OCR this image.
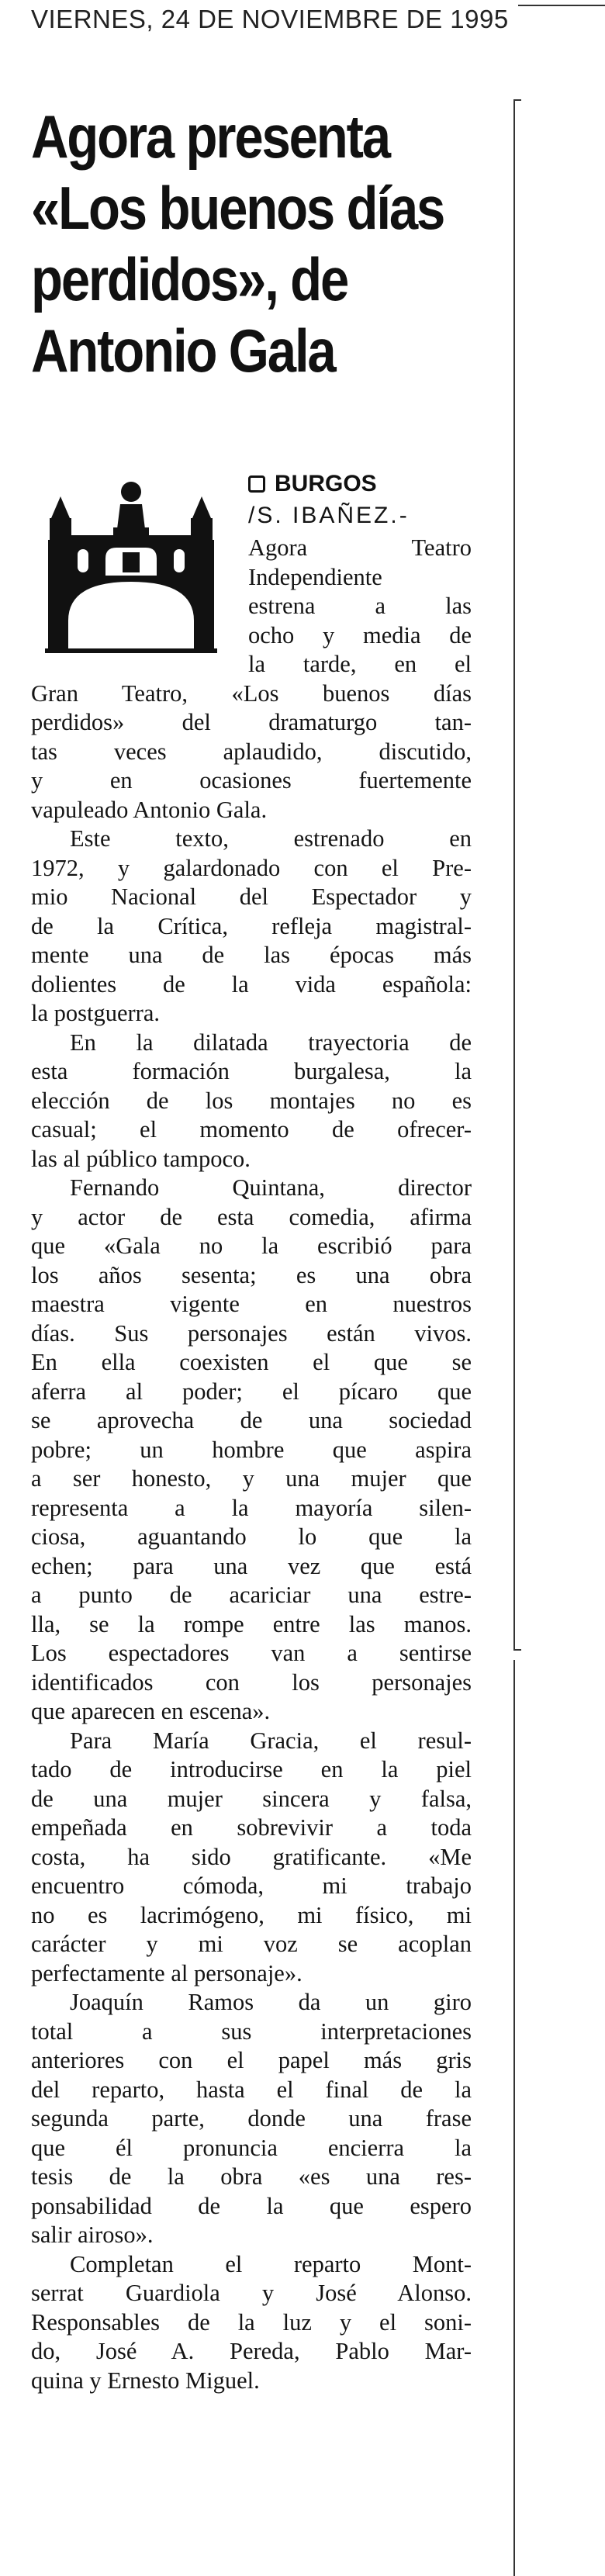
VIERNES, 24 DE NOVIEMBRE DE 1995
Agora presenta
«Los buenos días
perdidos», de
Antonio Gala
BURGOS
/S. IBAÑEZ.-
Agora Teatro
Independiente
estrena a las
ocho y media de
la tarde, en el
Gran Teatro, «Los buenos días
perdidos» del dramaturgo tan-
tas veces aplaudido, discutido,
y en ocasiones fuertemente
vapuleado Antonio Gala.
Este texto, estrenado en
1972, y galardonado con el Pre-
mio Nacional del Espectador y
de la Crítica, refleja magistral-
mente una de las épocas más
dolientes de la vida española:
la postguerra.
En la dilatada trayectoria de
esta formación burgalesa, la
elección de los montajes no es
casual; el momento de ofrecer-
las al público tampoco.
Fernando Quintana, director
y actor de esta comedia, afirma
que «Gala no la escribió para
los años sesenta; es una obra
maestra vigente en nuestros
días. Sus personajes están vivos.
En ella coexisten el que se
aferra al poder; el pícaro que
se aprovecha de una sociedad
pobre; un hombre que aspira
a ser honesto, y una mujer que
representa a la mayoría silen-
ciosa, aguantando lo que la
echen; para una vez que está
a punto de acariciar una estre-
lla, se la rompe entre las manos.
Los espectadores van a sentirse
identificados con los personajes
que aparecen en escena».
Para María Gracia, el resul-
tado de introducirse en la piel
de una mujer sincera y falsa,
empeñada en sobrevivir a toda
costa, ha sido gratificante. «Me
encuentro cómoda, mi trabajo
no es lacrimógeno, mi físico, mi
carácter y mi voz se acoplan
perfectamente al personaje».
Joaquín Ramos da un giro
total a sus interpretaciones
anteriores con el papel más gris
del reparto, hasta el final de la
segunda parte, donde una frase
que él pronuncia encierra la
tesis de la obra «es una res-
ponsabilidad de la que espero
salir airoso».
Completan el reparto Mont-
serrat Guardiola y José Alonso.
Responsables de la luz y el soni-
do, José A. Pereda, Pablo Mar-
quina y Ernesto Miguel.
